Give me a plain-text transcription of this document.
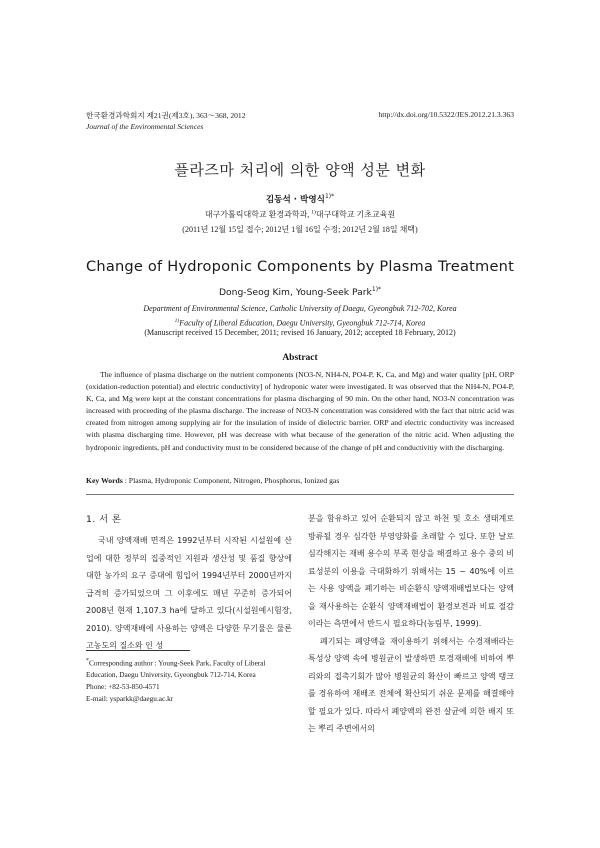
한국환경과학회지 제21권(제3호), 363～368, 2012
Journal of the Environmental Sciences
http://dx.doi.org/10.5322/JES.2012.21.3.363
플라즈마 처리에 의한 양액 성분 변화
김동석 · 박영식$^{1)*}$
대구가톨릭대학교 환경과학과, $^{1)}$대구대학교 기초교육원
(2011년 12월 15일 접수; 2012년 1월 16일 수정; 2012년 2월 18일 채택)
Change of Hydroponic Components by Plasma Treatment
Dong-Seog Kim, Young-Seek Park$^{1)*}$
Department of Environmental Science, Catholic University of Daegu, Gyeongbuk 712-702, Korea
$^{1)}$Faculty of Liberal Education, Daegu University, Gyeongbuk 712-714, Korea
(Manuscript received 15 December, 2011; revised 16 January, 2012; accepted 18 February, 2012)
Abstract
The influence of plasma discharge on the nutrient components (NO3-N, NH4-N, PO4-P, K, Ca, and Mg) and water quality [pH, ORP (oxidation-reduction potential) and electric conductivity] of hydroponic water were investigated. It was observed that the NH4-N, PO4-P, K, Ca, and Mg were kept at the constant concentrations for plasma discharging of 90 min. On the other hand, NO3-N concentration was increased with proceeding of the plasma discharge. The increase of NO3-N concentration was considered with the fact that nitric acid was created from nitrogen among supplying air for the insulation of inside of dielectric barrier. ORP and electric conductivity was increased with plasma discharging time. However, pH was decrease with what because of the generation of the nitric acid. When adjusting the hydroponic ingredients, pH and conductivity must to be considered because of the change of pH and conductivitiy with the discharging.
Key Words : Plasma, Hydroponic Component, Nitrogen, Phosphorus, Ionized gas
1. 서 론

국내 양액재배 면적은 1992년부터 시작된 시설원예 산업에 대한 정부의 집중적인 지원과 생산성 및 품질 향상에 대한 농가의 요구 증대에 힘입어 1994년부터 2000년까지 급격히 증가되었으며 그 이후에도 매년 꾸준히 증가되어 2008년 현재 1,107.3 ha에 달하고 있다(시설원예시험장, 2010). 양액재배에 사용하는 양액은 다양한 무기물은 물론 고농도의 질소와 인 성

분을 함유하고 있어 순환되지 않고 하천 및 호소 생태계로 방류될 경우 심각한 부영양화를 초래할 수 있다. 또한 날로 심각해지는 재배 용수의 부족 현상을 해결하고 용수 중의 비료성분의 이용을 극대화하기 위해서는 15 ~ 40%에 이르는 사용 양액을 폐기하는 비순환식 양액재배법보다는 양액을 재사용하는 순환식 양액재배법이 환경보전과 비료 절감이라는 측면에서 반드시 필요하다(농림부, 1999).

폐기되는 폐양액을 재이용하기 위해서는 수경재배라는 특성상 양액 속에 병원균이 발생하면 토경재배에 비하여 뿌리와의 접촉기회가 많아 병원균의 확산이 빠르고 양액 탱크를 경유하여 재배조 전체에 확산되기 쉬운 문제를 해결해야할 필요가 있다. 따라서 폐양액의 완전 살균에 의한 배지 또는 뿌리 주변에서의

*Corresponding author : Young-Seek Park, Faculty of Liberal Education, Daegu University, Gyeongbuk 712-714, Korea

Phone: +82-53-850-4571

E-mail: ysparkk@daegu.ac.kr
